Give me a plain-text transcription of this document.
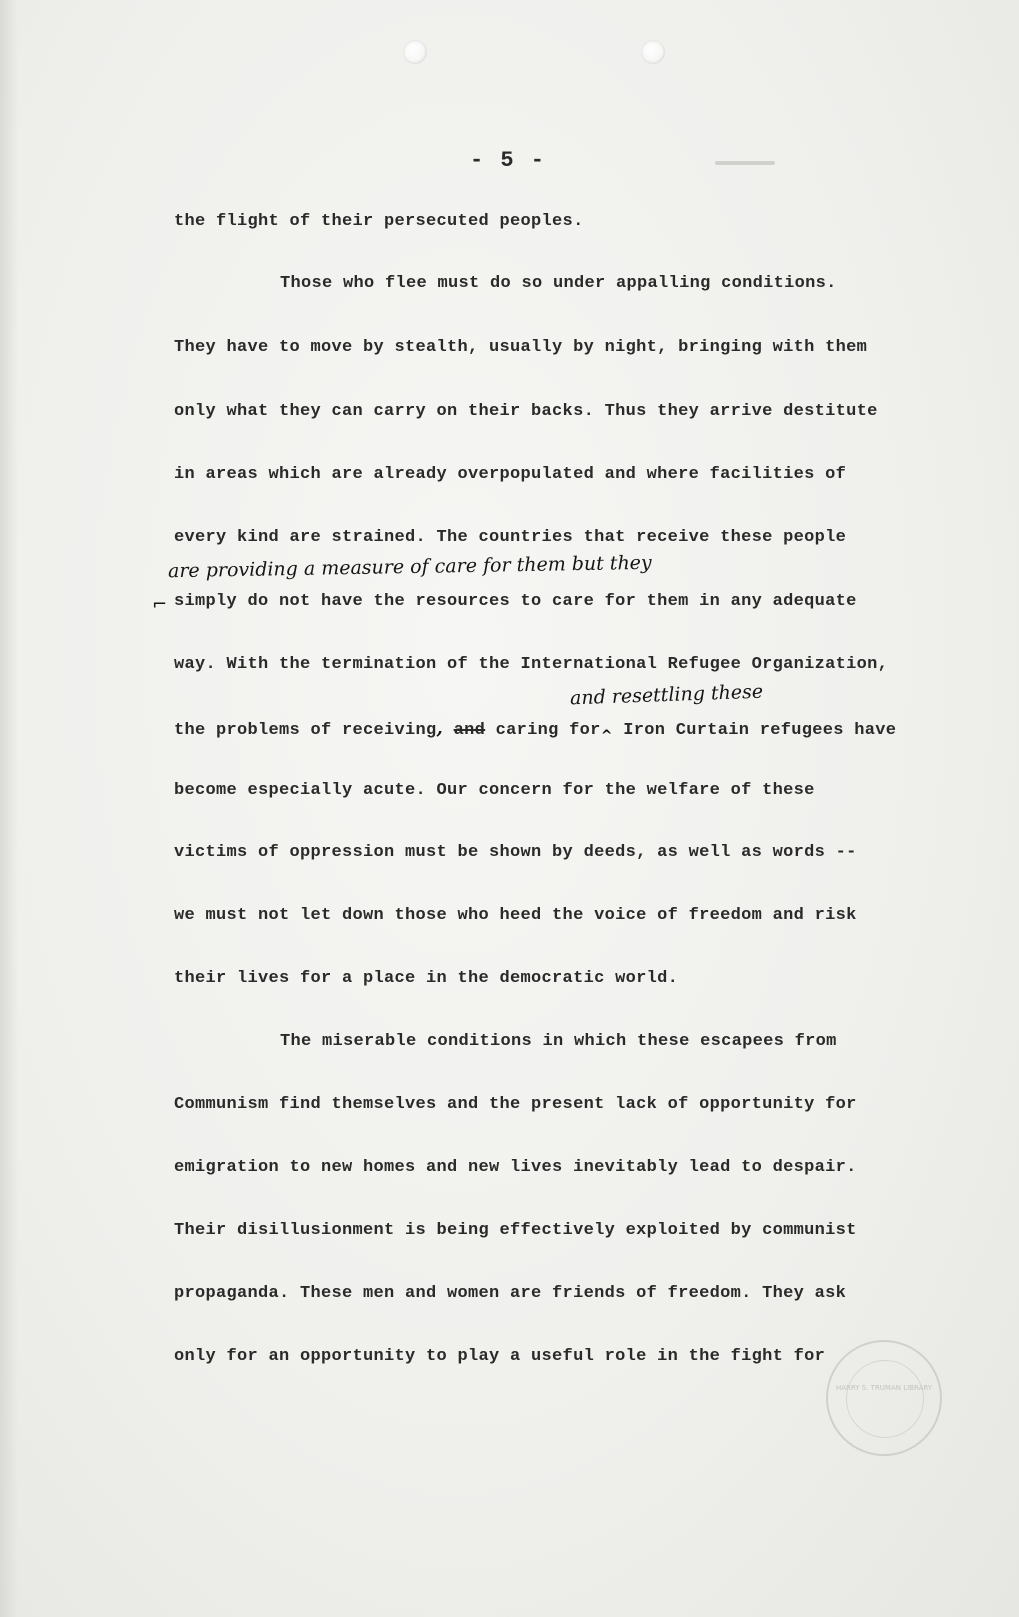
- 5 -
the flight of their persecuted peoples.
Those who flee must do so under appalling conditions.
They have to move by stealth, usually by night, bringing with them
only what they can carry on their backs. Thus they arrive destitute
in areas which are already overpopulated and where facilities of
every kind are strained. The countries that receive these people
are providing a measure of care for them but they
⌐ simply do not have the resources to care for them in any adequate
way. With the termination of the International Refugee Organization,
and resettling these
the problems of receiving, and caring for$_{\^{}}$ Iron Curtain refugees have
become especially acute. Our concern for the welfare of these
victims of oppression must be shown by deeds, as well as words --
we must not let down those who heed the voice of freedom and risk
their lives for a place in the democratic world.
The miserable conditions in which these escapees from
Communism find themselves and the present lack of opportunity for
emigration to new homes and new lives inevitably lead to despair.
Their disillusionment is being effectively exploited by communist
propaganda. These men and women are friends of freedom. They ask
only for an opportunity to play a useful role in the fight for
HARRY S. TRUMAN LIBRARY
